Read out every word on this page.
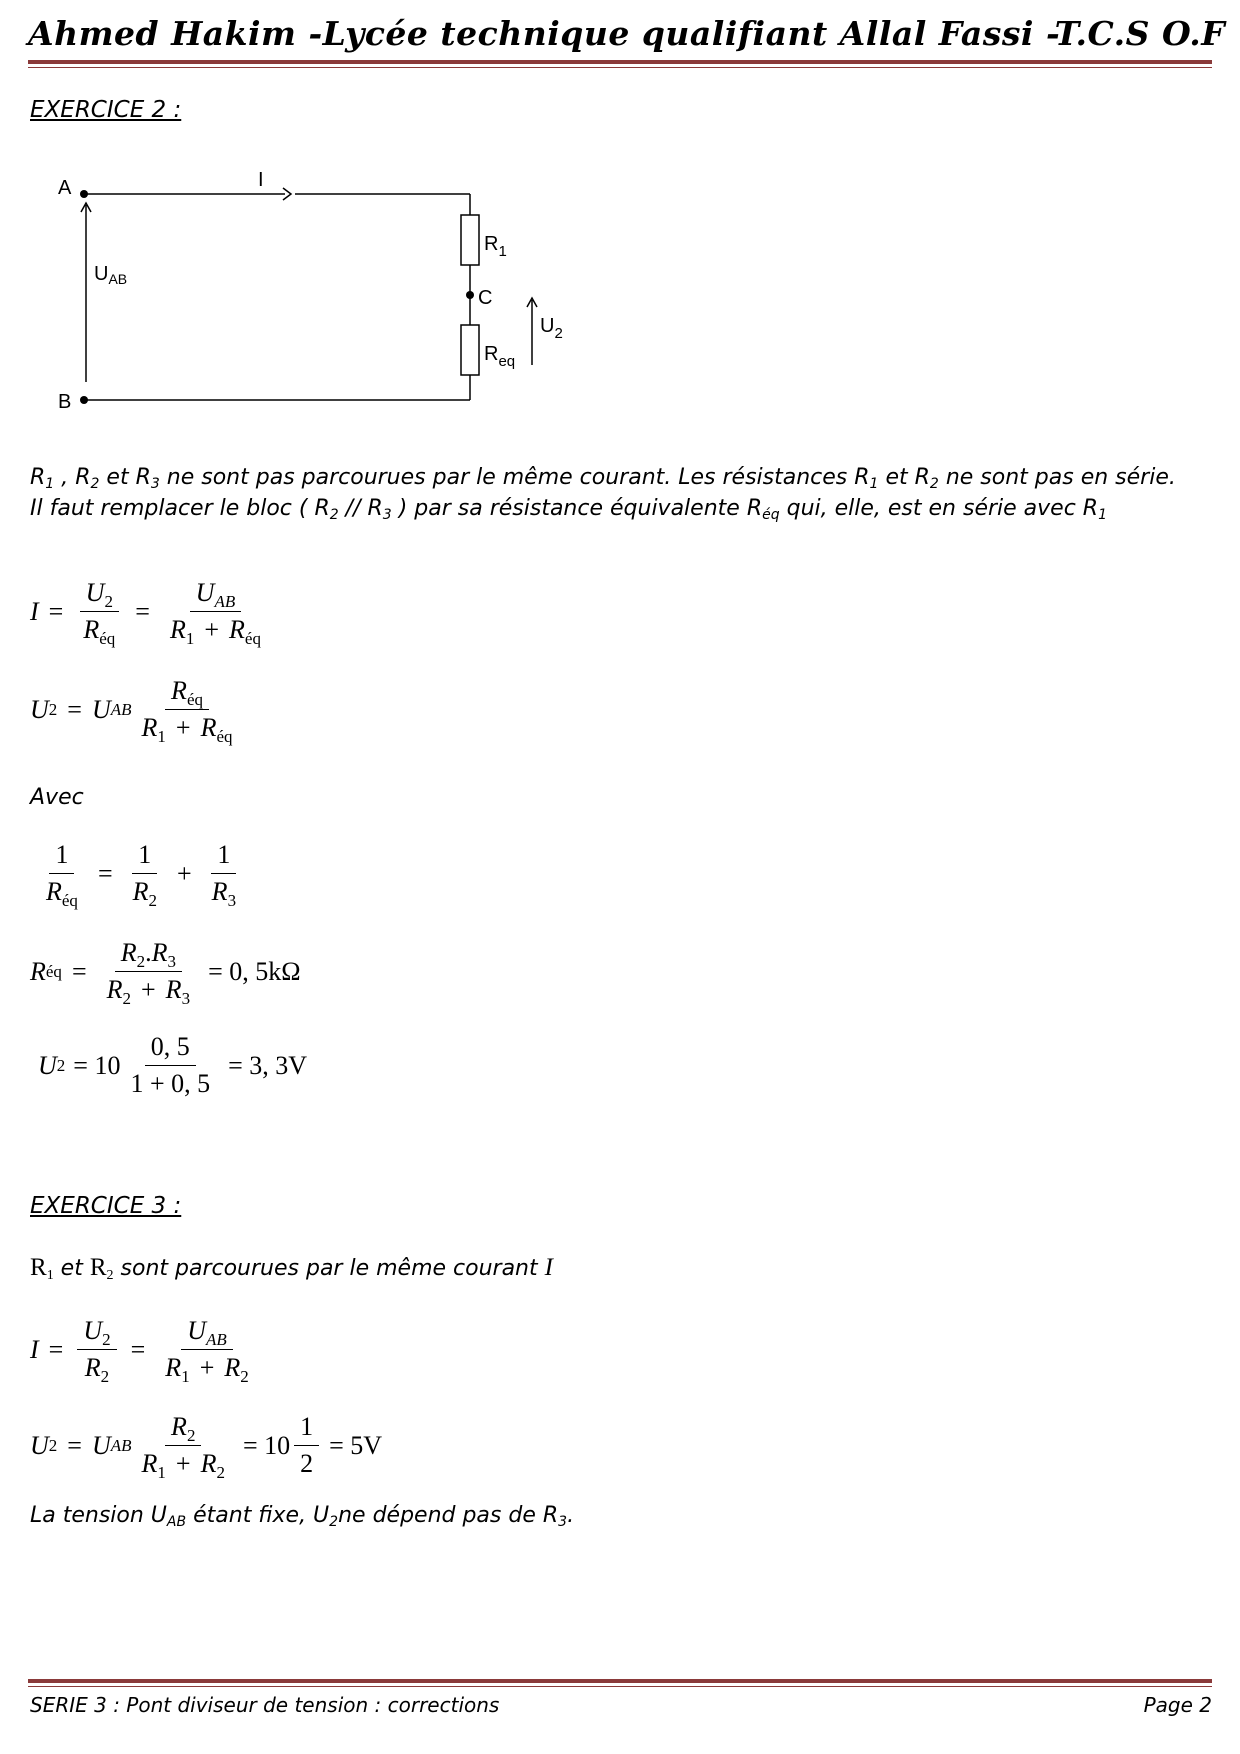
Ahmed Hakim -Lycée technique qualifiant Allal Fassi -T.C.S O.F
EXERCICE 2 :
A
B
C
I
$U_{AB}$
$R_1$
$R_{eq}$
$U_2$
$R_1$ , $R_2$ et $R_3$ ne sont pas parcourues par le même courant. Les résistances $R_1$ et $R_2$ ne sont pas en série. Il faut remplacer le bloc ( $R_2 // R_3$ ) par sa résistance équivalente $R_{éq}$ qui, elle, est en série avec $R_1$
$I = \frac{U_2}{R_{éq}} = \frac{U_{AB}}{R_1 + R_{éq}}$
U 2 = U AB $\frac{R_{éq}}{R_1 + R_{éq}}$
Avec
$\frac{1}{R_{éq}} = \frac{1}{R_2} + \frac{1}{R_3}$
R éq = $\frac{R_2.R_3}{R_2 + R_3} = 0$, 5kΩ
U $2 = 10 \frac{0, 5}{1 + 0, 5} = 3$, 3V
EXERCICE 3 :
$R_1$ et $R_2$ sont parcourues par le même courant I
$I = \frac{U_2}{R_2} = \frac{U_{AB}}{R_1 + R_2}$
U 2 = U AB $\frac{R_2}{R_1 + R_2} = 10 \frac{1}{2} = 5V$
La tension $U_{AB}$ étant fixe, $U_2ne$ dépend pas de $R_3$.
SERIE 3 : Pont diviseur de tension : corrections	Page 2
